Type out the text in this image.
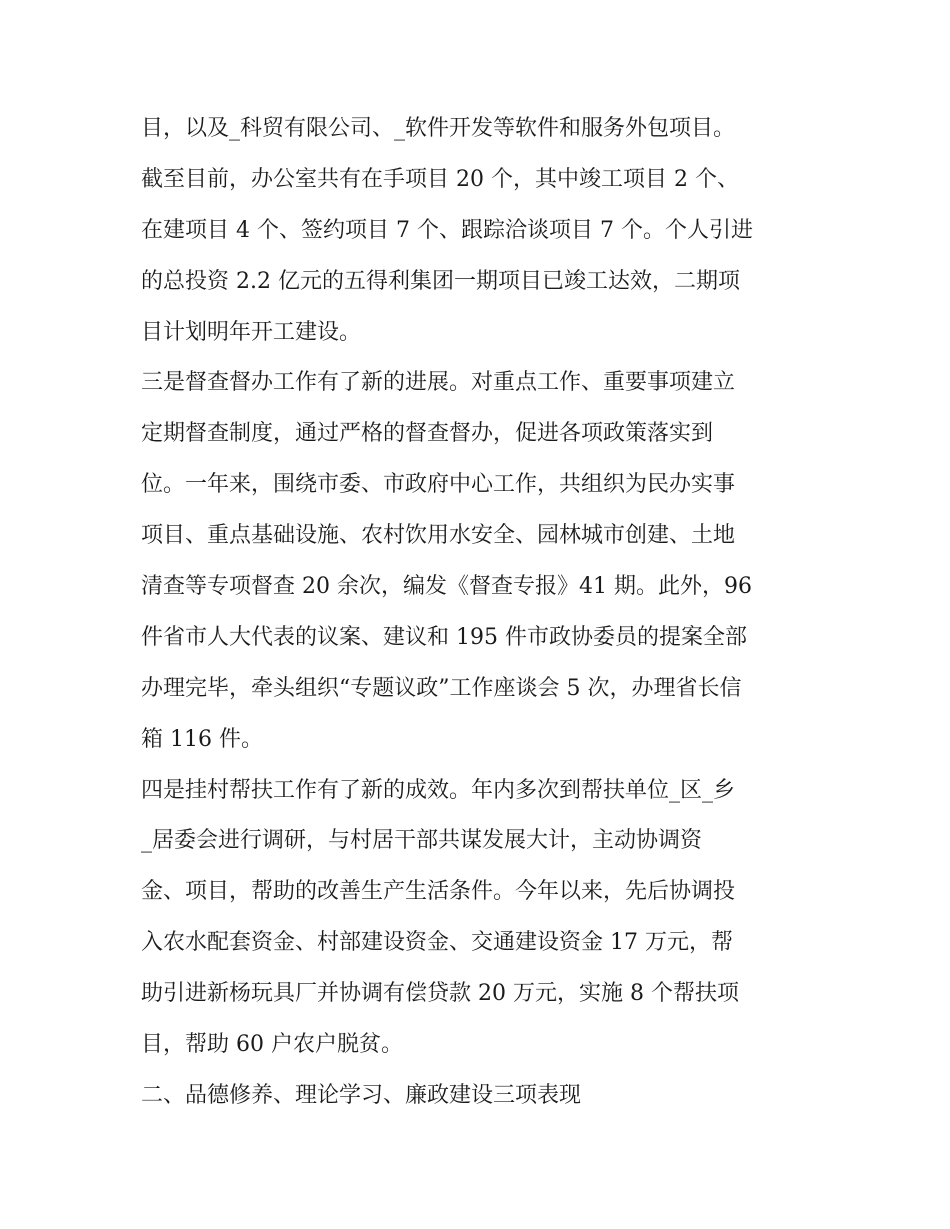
目，以及_科贸有限公司、_软件开发等软件和服务外包项目。
截至目前，办公室共有在手项目 20 个，其中竣工项目 2 个、
在建项目 4 个、签约项目 7 个、跟踪洽谈项目 7 个。个人引进
的总投资 2.2 亿元的五得利集团一期项目已竣工达效，二期项
目计划明年开工建设。
三是督查督办工作有了新的进展。对重点工作、重要事项建立
定期督查制度，通过严格的督查督办，促进各项政策落实到
位。一年来，围绕市委、市政府中心工作，共组织为民办实事
项目、重点基础设施、农村饮用水安全、园林城市创建、土地
清查等专项督查 20 余次，编发《督查专报》41 期。此外，96
件省市人大代表的议案、建议和 195 件市政协委员的提案全部
办理完毕，牵头组织“专题议政”工作座谈会 5 次，办理省长信
箱 116 件。
四是挂村帮扶工作有了新的成效。年内多次到帮扶单位_区_乡
_居委会进行调研，与村居干部共谋发展大计，主动协调资
金、项目，帮助的改善生产生活条件。今年以来，先后协调投
入农水配套资金、村部建设资金、交通建设资金 17 万元，帮
助引进新杨玩具厂并协调有偿贷款 20 万元，实施 8 个帮扶项
目，帮助 60 户农户脱贫。
二、品德修养、理论学习、廉政建设三项表现
